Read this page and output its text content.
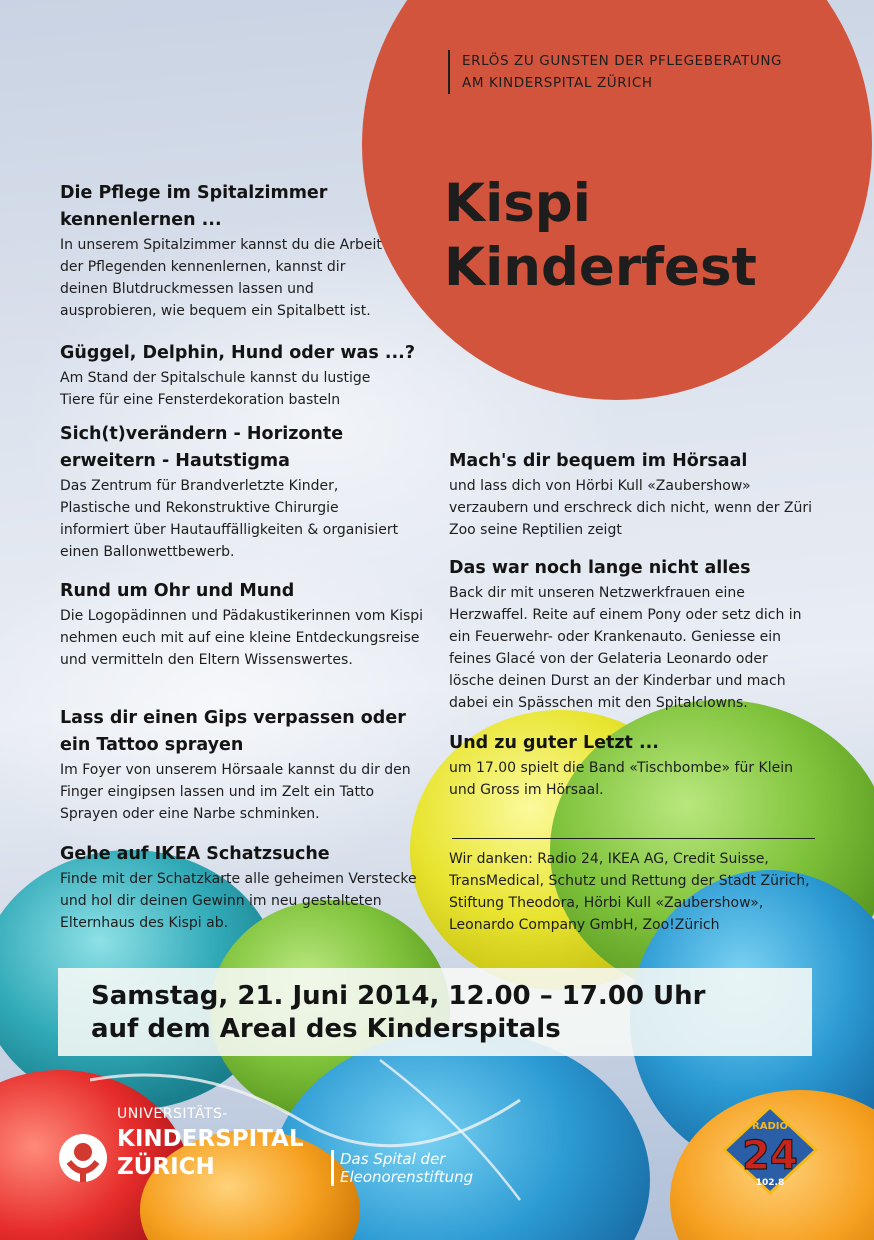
ERLÖS ZU GUNSTEN DER PFLEGEBERATUNG
AM KINDERSPITAL ZÜRICH
Kispi
Kinderfest
Die Pflege im Spitalzimmer kennenlernen ...

In unserem Spitalzimmer kannst du die Arbeit der Pflegenden kennenlernen, kannst dir deinen Blutdruckmessen lassen und ausprobieren, wie bequem ein Spitalbett ist.

Güggel, Delphin, Hund oder was ...?

Am Stand der Spitalschule kannst du lustige Tiere für eine Fensterdekoration basteln

Sich(t)verändern - Horizonte erweitern - Hautstigma

Das Zentrum für Brandverletzte Kinder, Plastische und Rekonstruktive Chirurgie informiert über Hautauffälligkeiten & organisiert einen Ballonwettbewerb.

Rund um Ohr und Mund

Die Logopädinnen und Pädakustikerinnen vom Kispi nehmen euch mit auf eine kleine Entdeckungsreise und vermitteln den Eltern Wissenswertes.

Lass dir einen Gips verpassen oder ein Tattoo sprayen

Im Foyer von unserem Hörsaale kannst du dir den Finger eingipsen lassen und im Zelt ein Tatto Sprayen oder eine Narbe schminken.

Gehe auf IKEA Schatzsuche

Finde mit der Schatzkarte alle geheimen Verstecke und hol dir deinen Gewinn im neu gestalteten Elternhaus des Kispi ab.

Mach's dir bequem im Hörsaal

und lass dich von Hörbi Kull «Zaubershow» verzaubern und erschreck dich nicht, wenn der Züri Zoo seine Reptilien zeigt

Das war noch lange nicht alles

Back dir mit unseren Netzwerkfrauen eine Herzwaffel. Reite auf einem Pony oder setz dich in ein Feuerwehr- oder Krankenauto. Geniesse ein feines Glacé von der Gelateria Leonardo oder lösche deinen Durst an der Kinderbar und mach dabei ein Spässchen mit den Spitalclowns.

Und zu guter Letzt ...

um 17.00 spielt die Band «Tischbombe» für Klein und Gross im Hörsaal.

Wir danken: Radio 24, IKEA AG, Credit Suisse, TransMedical, Schutz und Rettung der Stadt Zürich, Stiftung Theodora, Hörbi Kull «Zaubershow», Leonardo Company GmbH, Zoo!Zürich

Samstag, 21. Juni 2014, 12.00 – 17.00 Uhr
auf dem Areal des Kinderspitals
UNIVERSITÄTS-
KINDERSPITAL
ZÜRICH	Das Spital der
Eleonorenstiftung
RADIO
24
102.8
